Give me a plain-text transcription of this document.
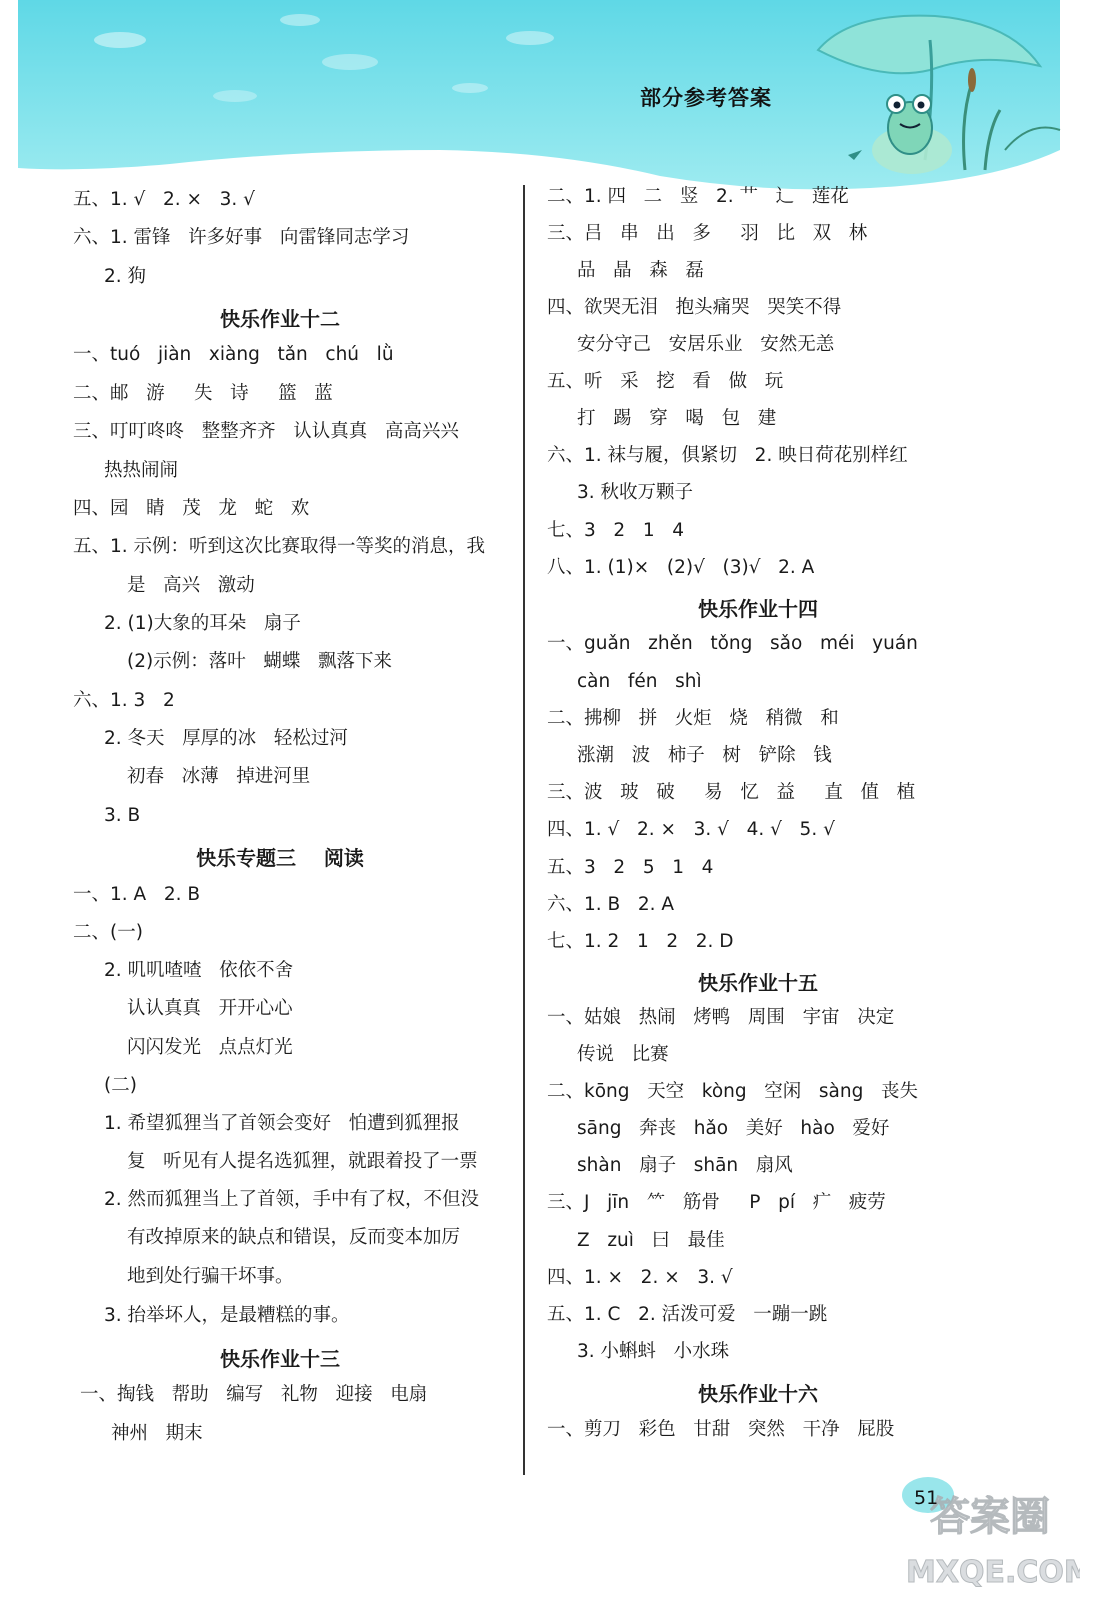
部分参考答案
五、1. √   2. ×   3. √
六、1. 雷锋   许多好事   向雷锋同志学习
2. 狗
快乐作业十二
一、tuó   jiàn   xiàng   tǎn   chú   lǜ
二、邮   游     失   诗     篮   蓝
三、叮叮咚咚   整整齐齐   认认真真   高高兴兴
热热闹闹
四、园   睛   茂   龙   蛇   欢
五、1. 示例：听到这次比赛取得一等奖的消息，我
是   高兴   激动
2. (1)大象的耳朵   扇子
(2)示例：落叶   蝴蝶   飘落下来
六、1. 3   2
2. 冬天   厚厚的冰   轻松过河
初春   冰薄   掉进河里
3. B
快乐专题三    阅读
一、1. A   2. B
二、(一)
2. 叽叽喳喳   依依不舍
认认真真   开开心心
闪闪发光   点点灯光
(二)
1. 希望狐狸当了首领会变好   怕遭到狐狸报
复   听见有人提名选狐狸，就跟着投了一票
2. 然而狐狸当上了首领，手中有了权，不但没
有改掉原来的缺点和错误，反而变本加厉
地到处行骗干坏事。
3. 抬举坏人，是最糟糕的事。
快乐作业十三
一、掏钱   帮助   编写   礼物   迎接   电扇
神州   期末
二、1. 四   二   竖   2. 艹   辶   莲花
三、吕   串   出   多     羽   比   双   林
品   晶   森   磊
四、欲哭无泪   抱头痛哭   哭笑不得
安分守己   安居乐业   安然无恙
五、听   采   挖   看   做   玩
打   踢   穿   喝   包   建
六、1. 袜与履，俱紧切   2. 映日荷花别样红
3. 秋收万颗子
七、3   2   1   4
八、1. (1)×   (2)√   (3)√   2. A
快乐作业十四
一、guǎn   zhěn   tǒng   sǎo   méi   yuán
càn   fén   shì
二、拂柳   拼   火炬   烧   稍微   和
涨潮   波   柿子   树   铲除   钱
三、波   玻   破     易   忆   益     直   值   植
四、1. √   2. ×   3. √   4. √   5. √
五、3   2   5   1   4
六、1. B   2. A
七、1. 2   1   2   2. D
快乐作业十五
一、姑娘   热闹   烤鸭   周围   宇宙   决定
传说   比赛
二、kōng   天空   kòng   空闲   sàng   丧失
sāng   奔丧   hǎo   美好   hào   爱好
shàn   扇子   shān   扇风
三、J   jīn   ⺮   筋骨     P   pí   疒   疲劳
Z   zuì   曰   最佳
四、1. ×   2. ×   3. √
五、1. C   2. 活泼可爱   一蹦一跳
3. 小蝌蚪   小水珠
快乐作业十六
一、剪刀   彩色   甘甜   突然   干净   屁股
答案圈
MXQE.COM
51
